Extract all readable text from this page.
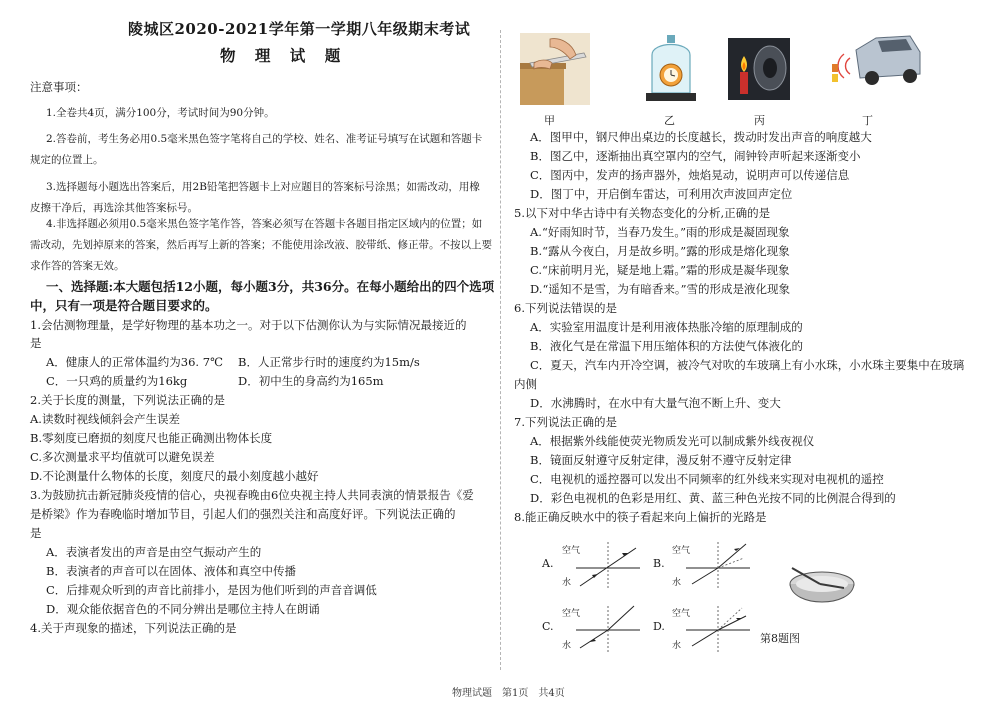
陵城区2020-2021学年第一学期八年级期末考试
物 理 试 题
注意事项：
1.全卷共4页，满分100分，考试时间为90分钟。
2.答卷前，考生务必用0.5毫米黑色签字笔将自己的学校、姓名、准考证号填写在试题和答题卡
规定的位置上。
3.选择题每小题选出答案后，用2B铅笔把答题卡上对应题目的答案标号涂黑；如需改动，用橡
皮擦干净后，再选涂其他答案标号。
4.非选择题必须用0.5毫米黑色签字笔作答，答案必须写在答题卡各题目指定区域内的位置；如
需改动，先划掉原来的答案，然后再写上新的答案；不能使用涂改液、胶带纸、修正带。不按以上要
求作答的答案无效。
一、选择题:本大题包括12小题，每小题3分，共36分。在每小题给出的四个选项
中，只有一项是符合题目要求的。
1.会估测物理量，是学好物理的基本功之一。对于以下估测你认为与实际情况最接近的
是
A．健康人的正常体温约为36. 7℃ B．人正常步行时的速度约为15m/s
C．一只鸡的质量约为16kg	D．初中生的身高约为165m
2.关于长度的测量，下列说法正确的是
A.读数时视线倾斜会产生误差
B.零刻度已磨损的刻度尺也能正确测出物体长度
C.多次测量求平均值就可以避免误差
D.不论测量什么物体的长度，刻度尺的最小刻度越小越好
3.为鼓励抗击新冠肺炎疫情的信心，央视春晚由6位央视主持人共同表演的情景报告《爱
是桥梁》作为春晚临时增加节目，引起人们的强烈关注和高度好评。下列说法正确的
是
A．表演者发出的声音是由空气振动产生的
B．表演者的声音可以在固体、液体和真空中传播
C．后排观众听到的声音比前排小，是因为他们听到的声音音调低
D．观众能依据音色的不同分辨出是哪位主持人在朗诵
4.关于声现象的描述，下列说法正确的是
甲	乙	丙	丁
A．图甲中，钢尺伸出桌边的长度越长，拨动时发出声音的响度越大
B．图乙中，逐渐抽出真空罩内的空气，闹钟铃声听起来逐渐变小
C．图丙中，发声的扬声器外，烛焰晃动，说明声可以传递信息
D．图丁中，开启倒车雷达，可利用次声波回声定位
5.以下对中华古诗中有关物态变化的分析,正确的是
A.“好雨知时节，当春乃发生。”雨的形成是凝固现象
B.“露从今夜白，月是故乡明。”露的形成是熔化现象
C.“床前明月光，疑是地上霜。”霜的形成是凝华现象
D.“遥知不是雪，为有暗香来。”雪的形成是液化现象
6.下列说法错误的是
A．实验室用温度计是利用液体热胀冷缩的原理制成的
B．液化气是在常温下用压缩体积的方法使气体液化的
C．夏天，汽车内开冷空调，被冷气对吹的车玻璃上有小水珠，小水珠主要集中在玻璃
内侧
D．水沸腾时，在水中有大量气泡不断上升、变大
7.下列说法正确的是
A．根据紫外线能使荧光物质发光可以制成紫外线夜视仪
B．镜面反射遵守反射定律，漫反射不遵守反射定律
C．电视机的遥控器可以发出不同频率的红外线来实现对电视机的遥控
D．彩色电视机的色彩是用红、黄、蓝三种色光按不同的比例混合得到的
8.能正确反映水中的筷子看起来向上偏折的光路是
A.
空气
水
B.
空气
水
C.
空气
水
D.
空气
水
第8题图
物理试题　第1页　共4页
